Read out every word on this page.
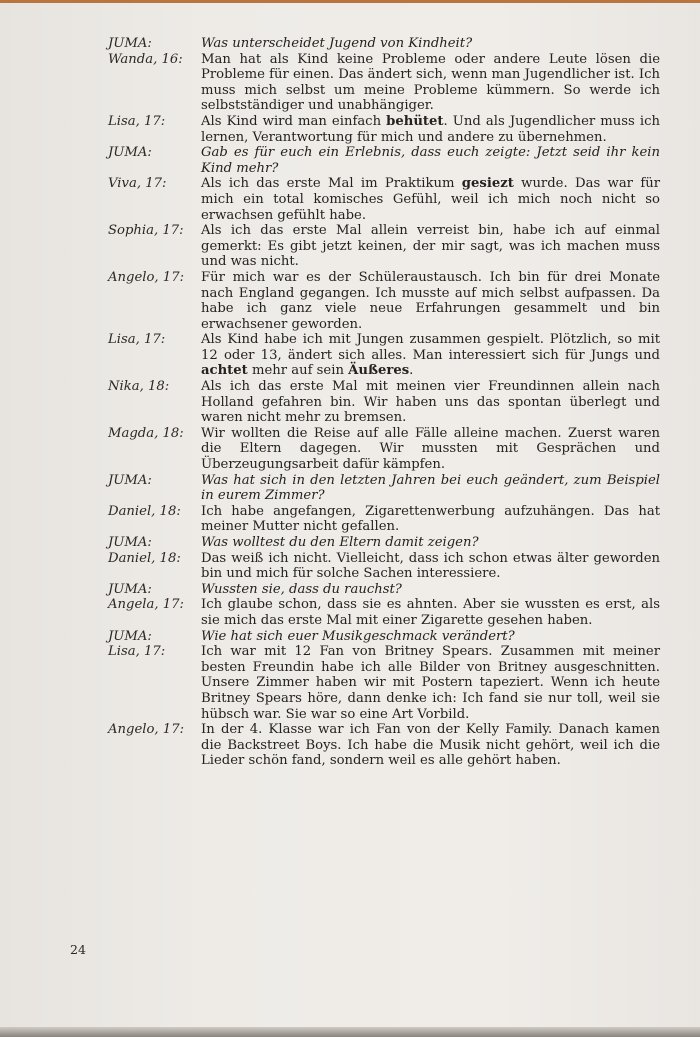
JUMA:	Was unterscheidet Jugend von Kindheit?
Wanda, 16:	Man hat als Kind keine Probleme oder andere Leute lösen die Probleme für einen. Das ändert sich, wenn man Jugendlicher ist. Ich muss mich selbst um meine Probleme kümmern. So werde ich selbstständiger und unabhängiger.
Lisa, 17:	Als Kind wird man einfach behütet. Und als Jugendlicher muss ich lernen, Verantwortung für mich und andere zu übernehmen.
JUMA:	Gab es für euch ein Erlebnis, dass euch zeigte: Jetzt seid ihr kein Kind mehr?
Viva, 17:	Als ich das erste Mal im Praktikum gesiezt wurde. Das war für mich ein total komisches Gefühl, weil ich mich noch nicht so erwachsen gefühlt habe.
Sophia, 17:	Als ich das erste Mal allein verreist bin, habe ich auf einmal gemerkt: Es gibt jetzt keinen, der mir sagt, was ich machen muss und was nicht.
Angelo, 17:	Für mich war es der Schüleraustausch. Ich bin für drei Monate nach England gegangen. Ich musste auf mich selbst aufpassen. Da habe ich ganz viele neue Erfahrungen gesammelt und bin erwachsener geworden.
Lisa, 17:	Als Kind habe ich mit Jungen zusammen gespielt. Plötzlich, so mit 12 oder 13, ändert sich alles. Man interessiert sich für Jungs und achtet mehr auf sein Äußeres.
Nika, 18:	Als ich das erste Mal mit meinen vier Freundinnen allein nach Holland gefahren bin. Wir haben uns das spontan überlegt und waren nicht mehr zu bremsen.
Magda, 18:	Wir wollten die Reise auf alle Fälle alleine machen. Zuerst waren die Eltern dagegen. Wir mussten mit Gesprächen und Überzeugungsarbeit dafür kämpfen.
JUMA:	Was hat sich in den letzten Jahren bei euch geändert, zum Beispiel in eurem Zimmer?
Daniel, 18:	Ich habe angefangen, Zigarettenwerbung aufzuhängen. Das hat meiner Mutter nicht gefallen.
JUMA:	Was wolltest du den Eltern damit zeigen?
Daniel, 18:	Das weiß ich nicht. Vielleicht, dass ich schon etwas älter geworden bin und mich für solche Sachen interessiere.
JUMA:	Wussten sie, dass du rauchst?
Angela, 17:	Ich glaube schon, dass sie es ahnten. Aber sie wussten es erst, als sie mich das erste Mal mit einer Zigarette gesehen haben.
JUMA:	Wie hat sich euer Musikgeschmack verändert?
Lisa, 17:	Ich war mit 12 Fan von Britney Spears. Zusammen mit meiner besten Freundin habe ich alle Bilder von Britney ausgeschnitten. Unsere Zimmer haben wir mit Postern tapeziert. Wenn ich heute Britney Spears höre, dann denke ich: Ich fand sie nur toll, weil sie hübsch war. Sie war so eine Art Vorbild.
Angelo, 17:	In der 4. Klasse war ich Fan von der Kelly Family. Danach kamen die Backstreet Boys. Ich habe die Musik nicht gehört, weil ich die Lieder schön fand, sondern weil es alle gehört haben.
24
